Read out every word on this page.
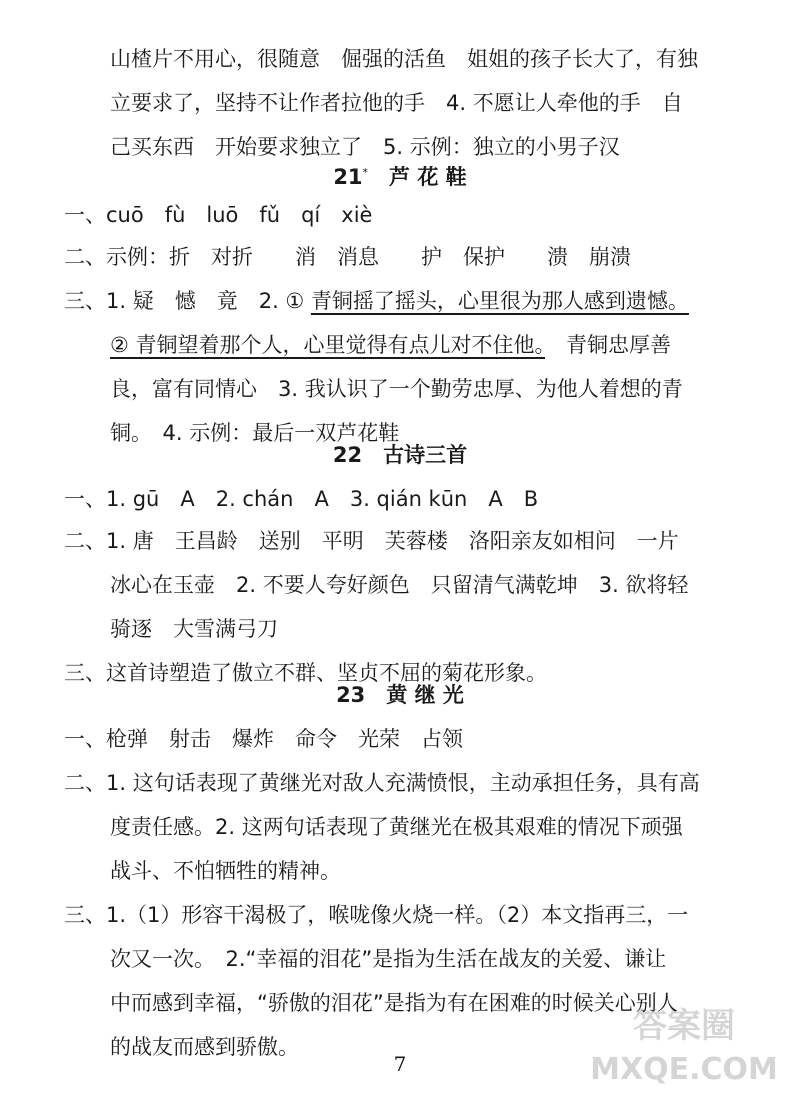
山楂片不用心，很随意　倔强的活鱼　姐姐的孩子长大了，有独
立要求了，坚持不让作者拉他的手　4. 不愿让人牵他的手　自
己买东西　开始要求独立了　5. 示例：独立的小男子汉
一、cuō　fù　luō　fǔ　qí　xiè
二、示例：折　对折　　消　消息　　护　保护　　溃　崩溃
三、1. 疑　憾　竟　2. ① 青铜摇了摇头，心里很为那人感到遗憾。
② 青铜望着那个人，心里觉得有点儿对不住他。　青铜忠厚善
良，富有同情心　3. 我认识了一个勤劳忠厚、为他人着想的青
铜。　4. 示例：最后一双芦花鞋
一、1. gū　A　2. chán　A　3. qián kūn　A　B
二、1. 唐　王昌龄　送别　平明　芙蓉楼　洛阳亲友如相问　一片
冰心在玉壶　2. 不要人夸好颜色　只留清气满乾坤　3. 欲将轻
骑逐　大雪满弓刀
三、这首诗塑造了傲立不群、坚贞不屈的菊花形象。
一、枪弹　射击　爆炸　命令　光荣　占领
二、1. 这句话表现了黄继光对敌人充满愤恨，主动承担任务，具有高
度责任感。2. 这两句话表现了黄继光在极其艰难的情况下顽强
战斗、不怕牺牲的精神。
三、1.（1）形容干渴极了，喉咙像火烧一样。（2）本文指再三，一
次又一次。　2.“幸福的泪花”是指为生活在战友的关爱、谦让
中而感到幸福，“骄傲的泪花”是指为有在困难的时候关心别人
的战友而感到骄傲。
21*  芦 花 鞋
22  古诗三首
23  黄 继 光
7
答案圈
MXQE.COM
